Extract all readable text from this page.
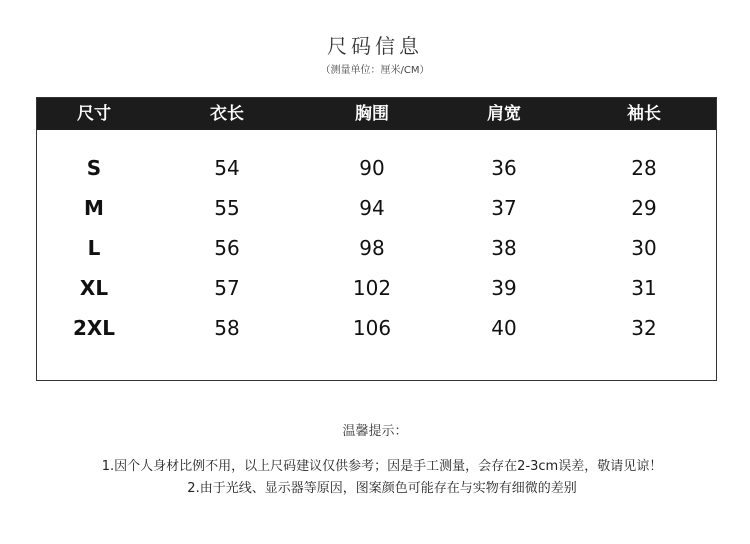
尺码信息
（测量单位：厘米/CM）
尺寸	衣长	胸围	肩宽	袖长
S	54	90	36	28
M	55	94	37	29
L	56	98	38	30
XL	57	102	39	31
2XL	58	106	40	32
温馨提示：
1.因个人身材比例不用，以上尺码建议仅供参考；因是手工测量，会存在2-3cm误差，敬请见谅！
2.由于光线、显示器等原因，图案颜色可能存在与实物有细微的差别
